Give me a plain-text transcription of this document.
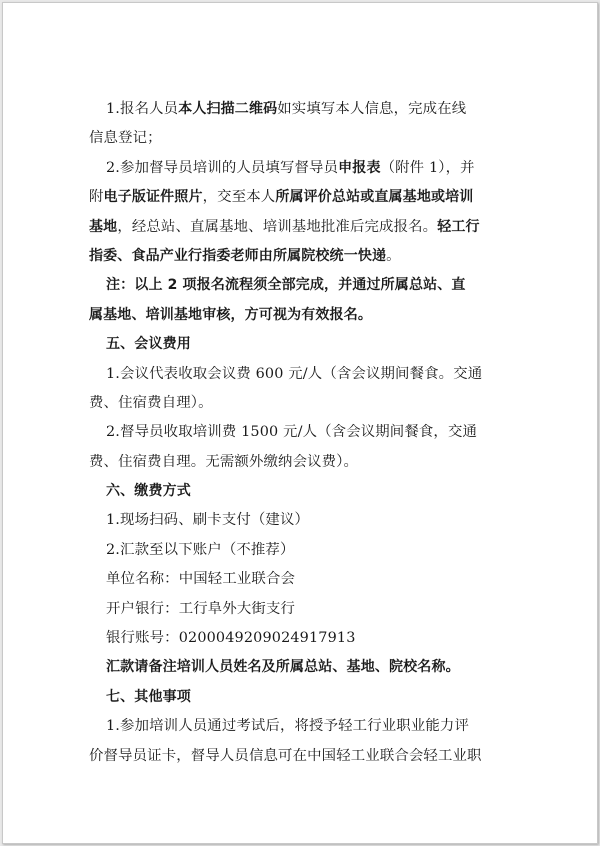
1.报名人员本人扫描二维码如实填写本人信息，完成在线
信息登记；
2.参加督导员培训的人员填写督导员申报表（附件 1），并
附电子版证件照片，交至本人所属评价总站或直属基地或培训
基地，经总站、直属基地、培训基地批准后完成报名。轻工行
指委、食品产业行指委老师由所属院校统一快递。
注：以上 2 项报名流程须全部完成，并通过所属总站、直
属基地、培训基地审核，方可视为有效报名。
五、会议费用
1.会议代表收取会议费 600 元/人（含会议期间餐食。交通
费、住宿费自理）。
2.督导员收取培训费 1500 元/人（含会议期间餐食，交通
费、住宿费自理。无需额外缴纳会议费）。
六、缴费方式
1.现场扫码、刷卡支付（建议）
2.汇款至以下账户（不推荐）
单位名称：中国轻工业联合会
开户银行：工行阜外大街支行
银行账号：0200049209024917913
汇款请备注培训人员姓名及所属总站、基地、院校名称。
七、其他事项
1.参加培训人员通过考试后，将授予轻工行业职业能力评
价督导员证卡，督导人员信息可在中国轻工业联合会轻工业职
